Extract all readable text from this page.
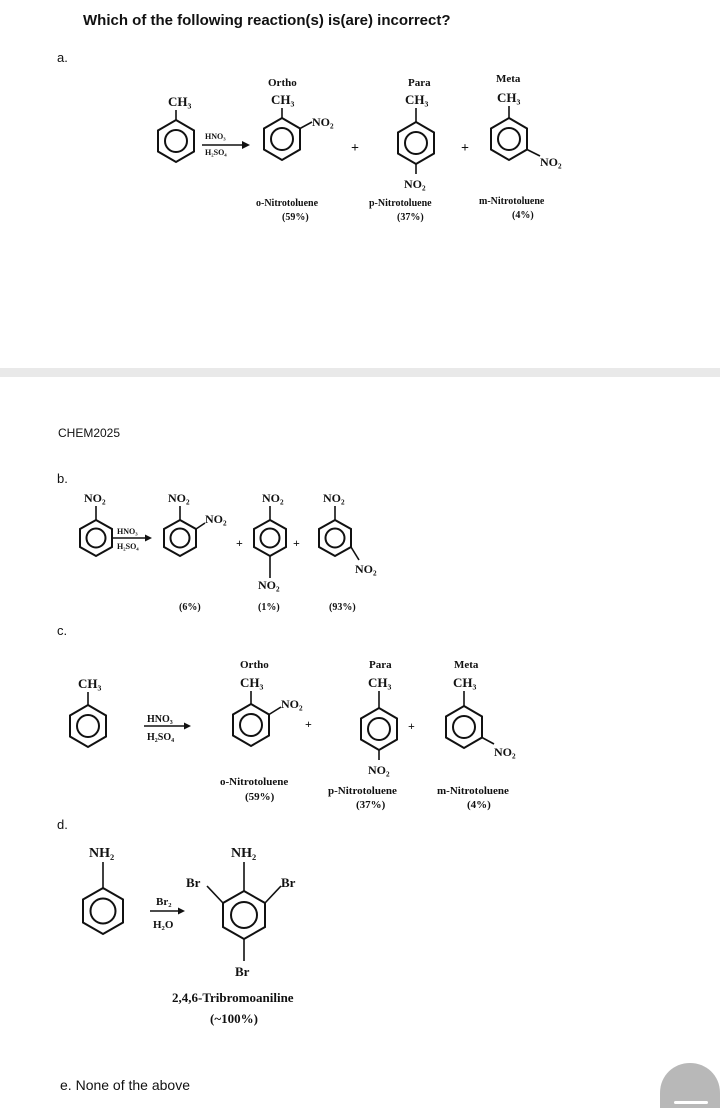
Which of the following reaction(s) is(are) incorrect?
a.
CH₃
HNO₃
H₂SO₄
Ortho
CH₃
NO₂
o-Nitrotoluene
(59%)
+
Para
CH₃
NO₂
p-Nitrotoluene
(37%)
+
Meta
CH₃
NO₂
m-Nitrotoluene
(4%)
CHEM2025
b.
NO₂
HNO₃
H₂SO₄
NO₂
NO₂
(6%)
+
NO₂
NO₂
(1%)
+
NO₂
NO₂
(93%)
c.
CH₃
HNO₃
H₂SO₄
Ortho
CH₃
NO₂
+
o-Nitrotoluene
(59%)
Para
CH₃
NO₂
p-Nitrotoluene
(37%)
+
Meta
CH₃
NO₂
m-Nitrotoluene
(4%)
d.
NH₂
Br₂
H₂O
NH₂
Br	Br
Br
2,4,6-Tribromoaniline
(~100%)
e. None of the above
